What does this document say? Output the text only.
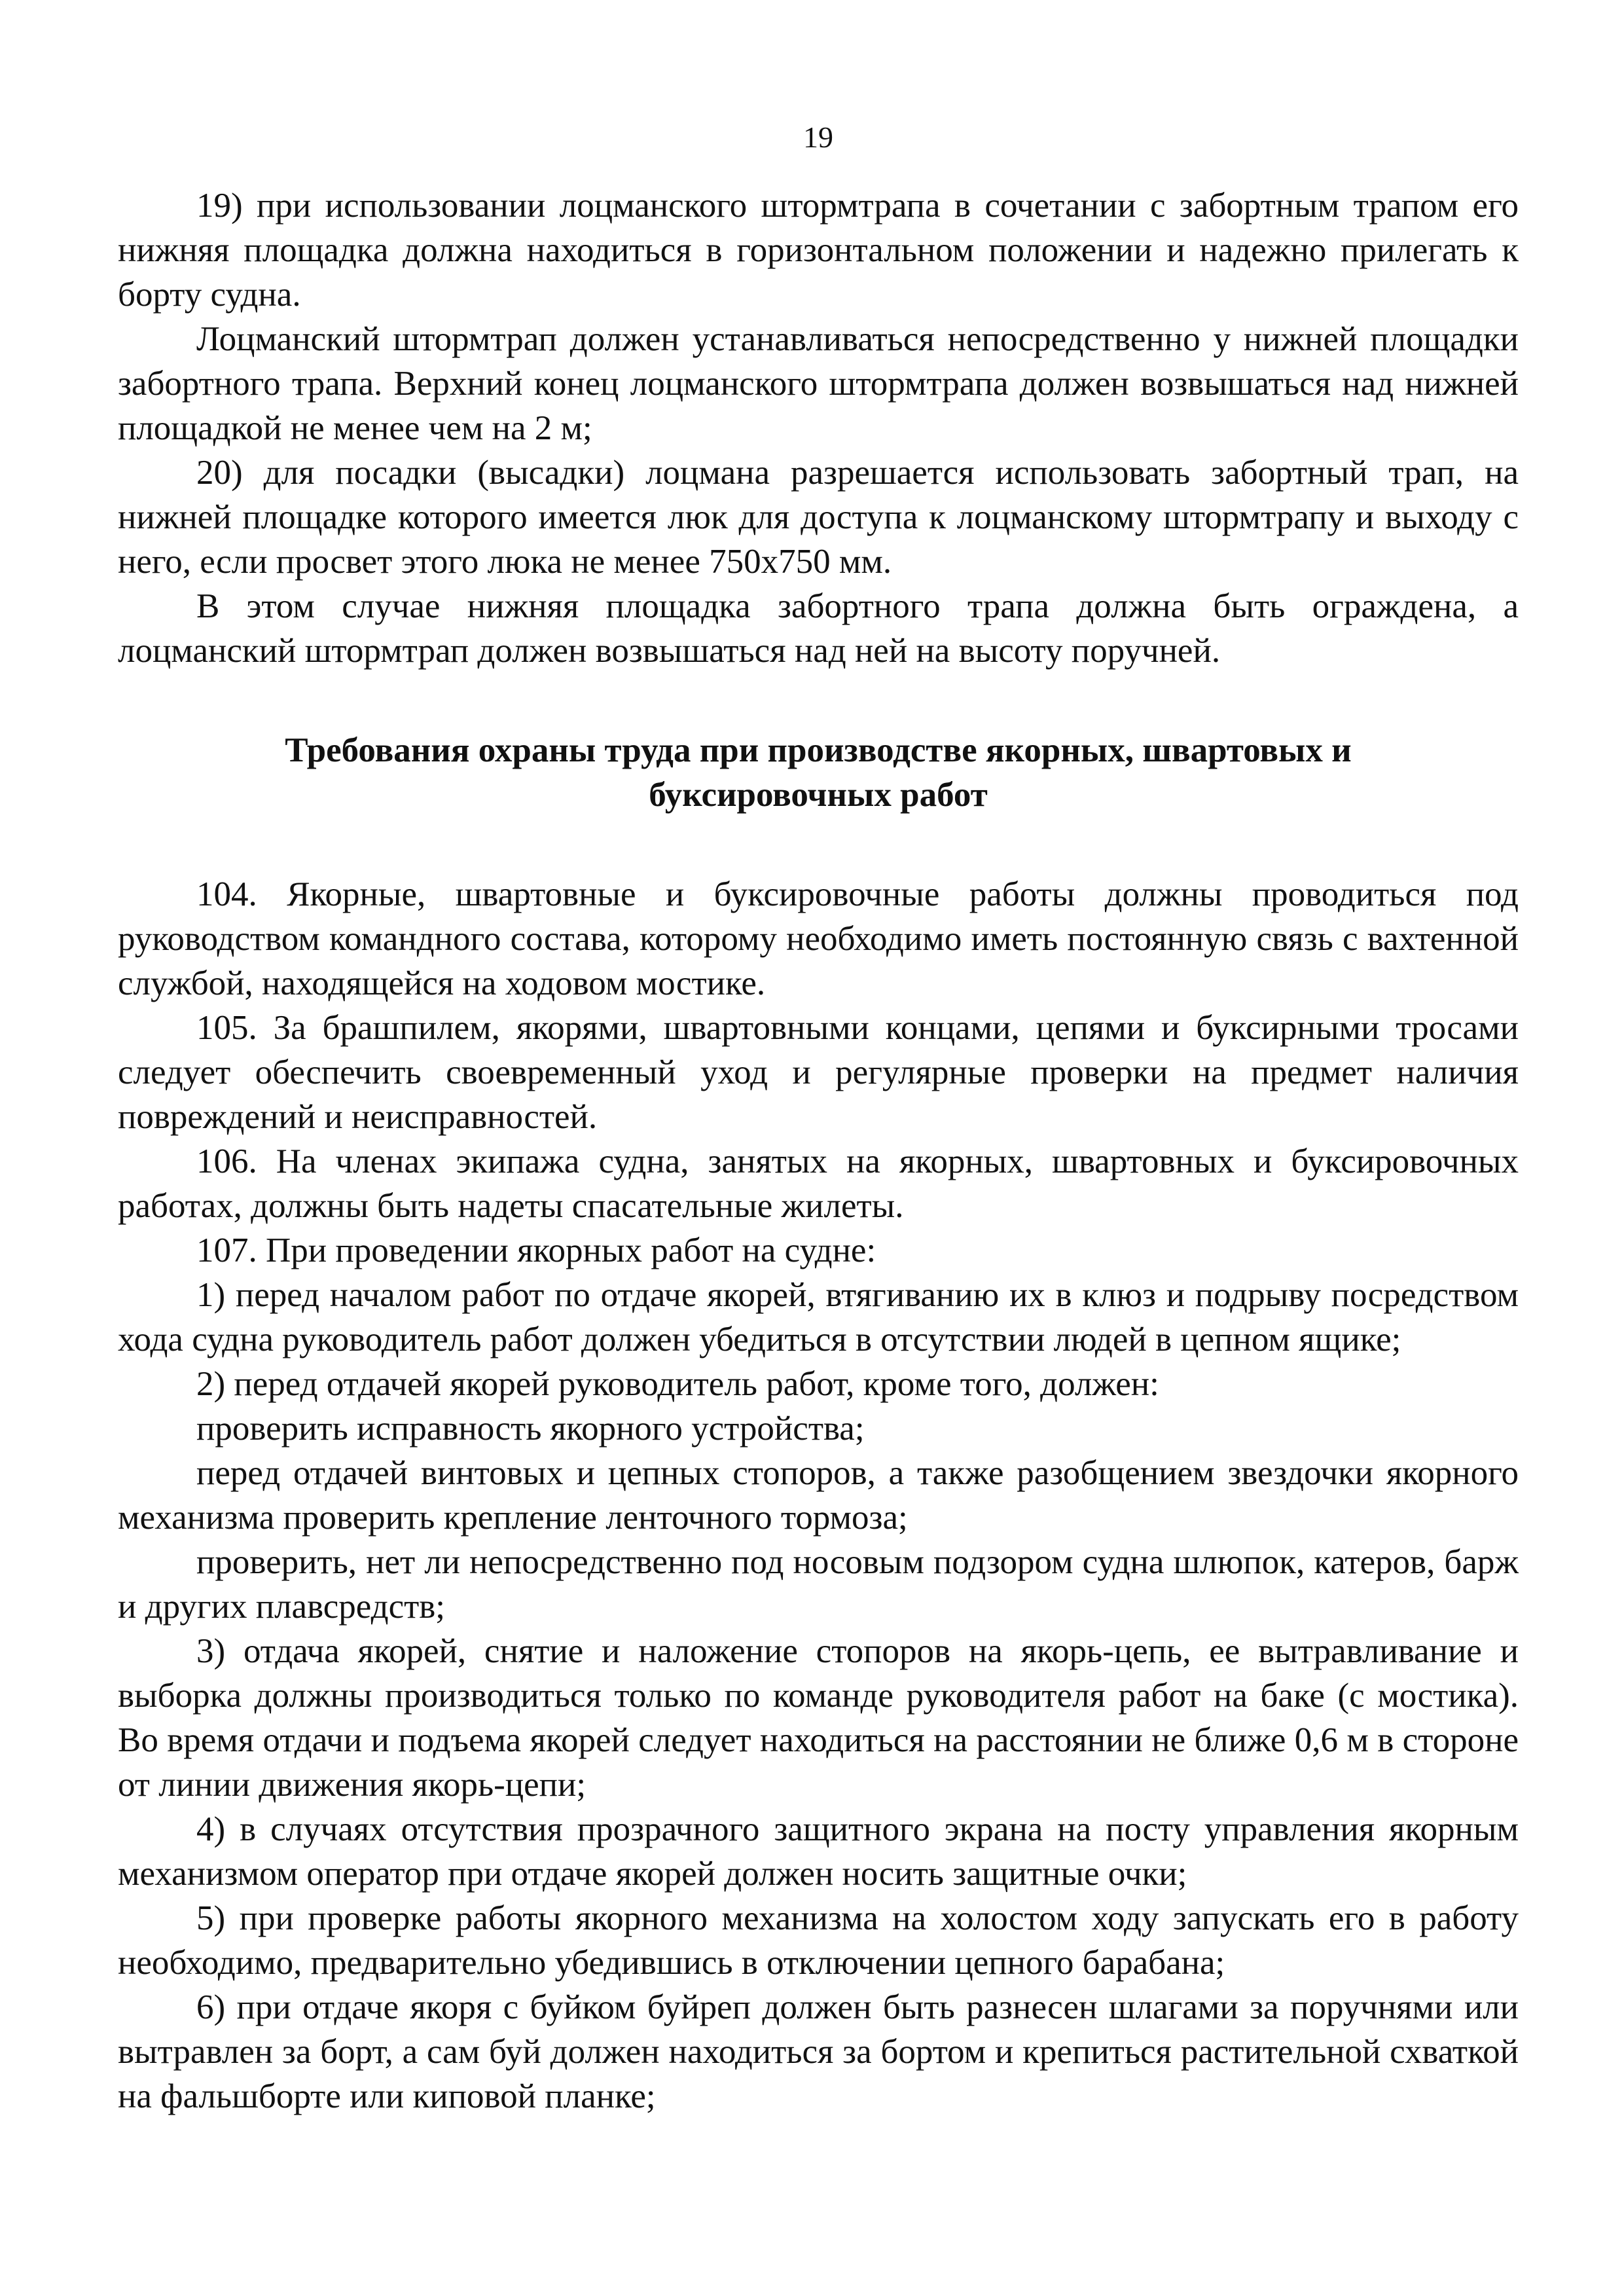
19

19) при использовании лоцманского штормтрапа в сочетании с забортным трапом его нижняя площадка должна находиться в горизонтальном положении и надежно прилегать к борту судна.

Лоцманский штормтрап должен устанавливаться непосредственно у нижней площадки забортного трапа. Верхний конец лоцманского штормтрапа должен возвышаться над нижней площадкой не менее чем на 2 м;

20) для посадки (высадки) лоцмана разрешается использовать забортный трап, на нижней площадке которого имеется люк для доступа к лоцманскому штормтрапу и выходу с него, если просвет этого люка не менее 750x750 мм.

В этом случае нижняя площадка забортного трапа должна быть ограждена, а лоцманский штормтрап должен возвышаться над ней на высоту поручней.

Требования охраны труда при производстве якорных, швартовых и буксировочных работ

104. Якорные, швартовные и буксировочные работы должны проводиться под руководством командного состава, которому необходимо иметь постоянную связь с вахтенной службой, находящейся на ходовом мостике.

105. За брашпилем, якорями, швартовными концами, цепями и буксирными тросами следует обеспечить своевременный уход и регулярные проверки на предмет наличия повреждений и неисправностей.

106. На членах экипажа судна, занятых на якорных, швартовных и буксировочных работах, должны быть надеты спасательные жилеты.

107. При проведении якорных работ на судне:

1) перед началом работ по отдаче якорей, втягиванию их в клюз и подрыву посредством хода судна руководитель работ должен убедиться в отсутствии людей в цепном ящике;

2) перед отдачей якорей руководитель работ, кроме того, должен:

проверить исправность якорного устройства;

перед отдачей винтовых и цепных стопоров, а также разобщением звездочки якорного механизма проверить крепление ленточного тормоза;

проверить, нет ли непосредственно под носовым подзором судна шлюпок, катеров, барж и других плавсредств;

3) отдача якорей, снятие и наложение стопоров на якорь-цепь, ее вытравливание и выборка должны производиться только по команде руководителя работ на баке (с мостика). Во время отдачи и подъема якорей следует находиться на расстоянии не ближе 0,6 м в стороне от линии движения якорь-цепи;

4) в случаях отсутствия прозрачного защитного экрана на посту управления якорным механизмом оператор при отдаче якорей должен носить защитные очки;

5) при проверке работы якорного механизма на холостом ходу запускать его в работу необходимо, предварительно убедившись в отключении цепного барабана;

6) при отдаче якоря с буйком буйреп должен быть разнесен шлагами за поручнями или вытравлен за борт, а сам буй должен находиться за бортом и крепиться растительной схваткой на фальшборте или киповой планке;
